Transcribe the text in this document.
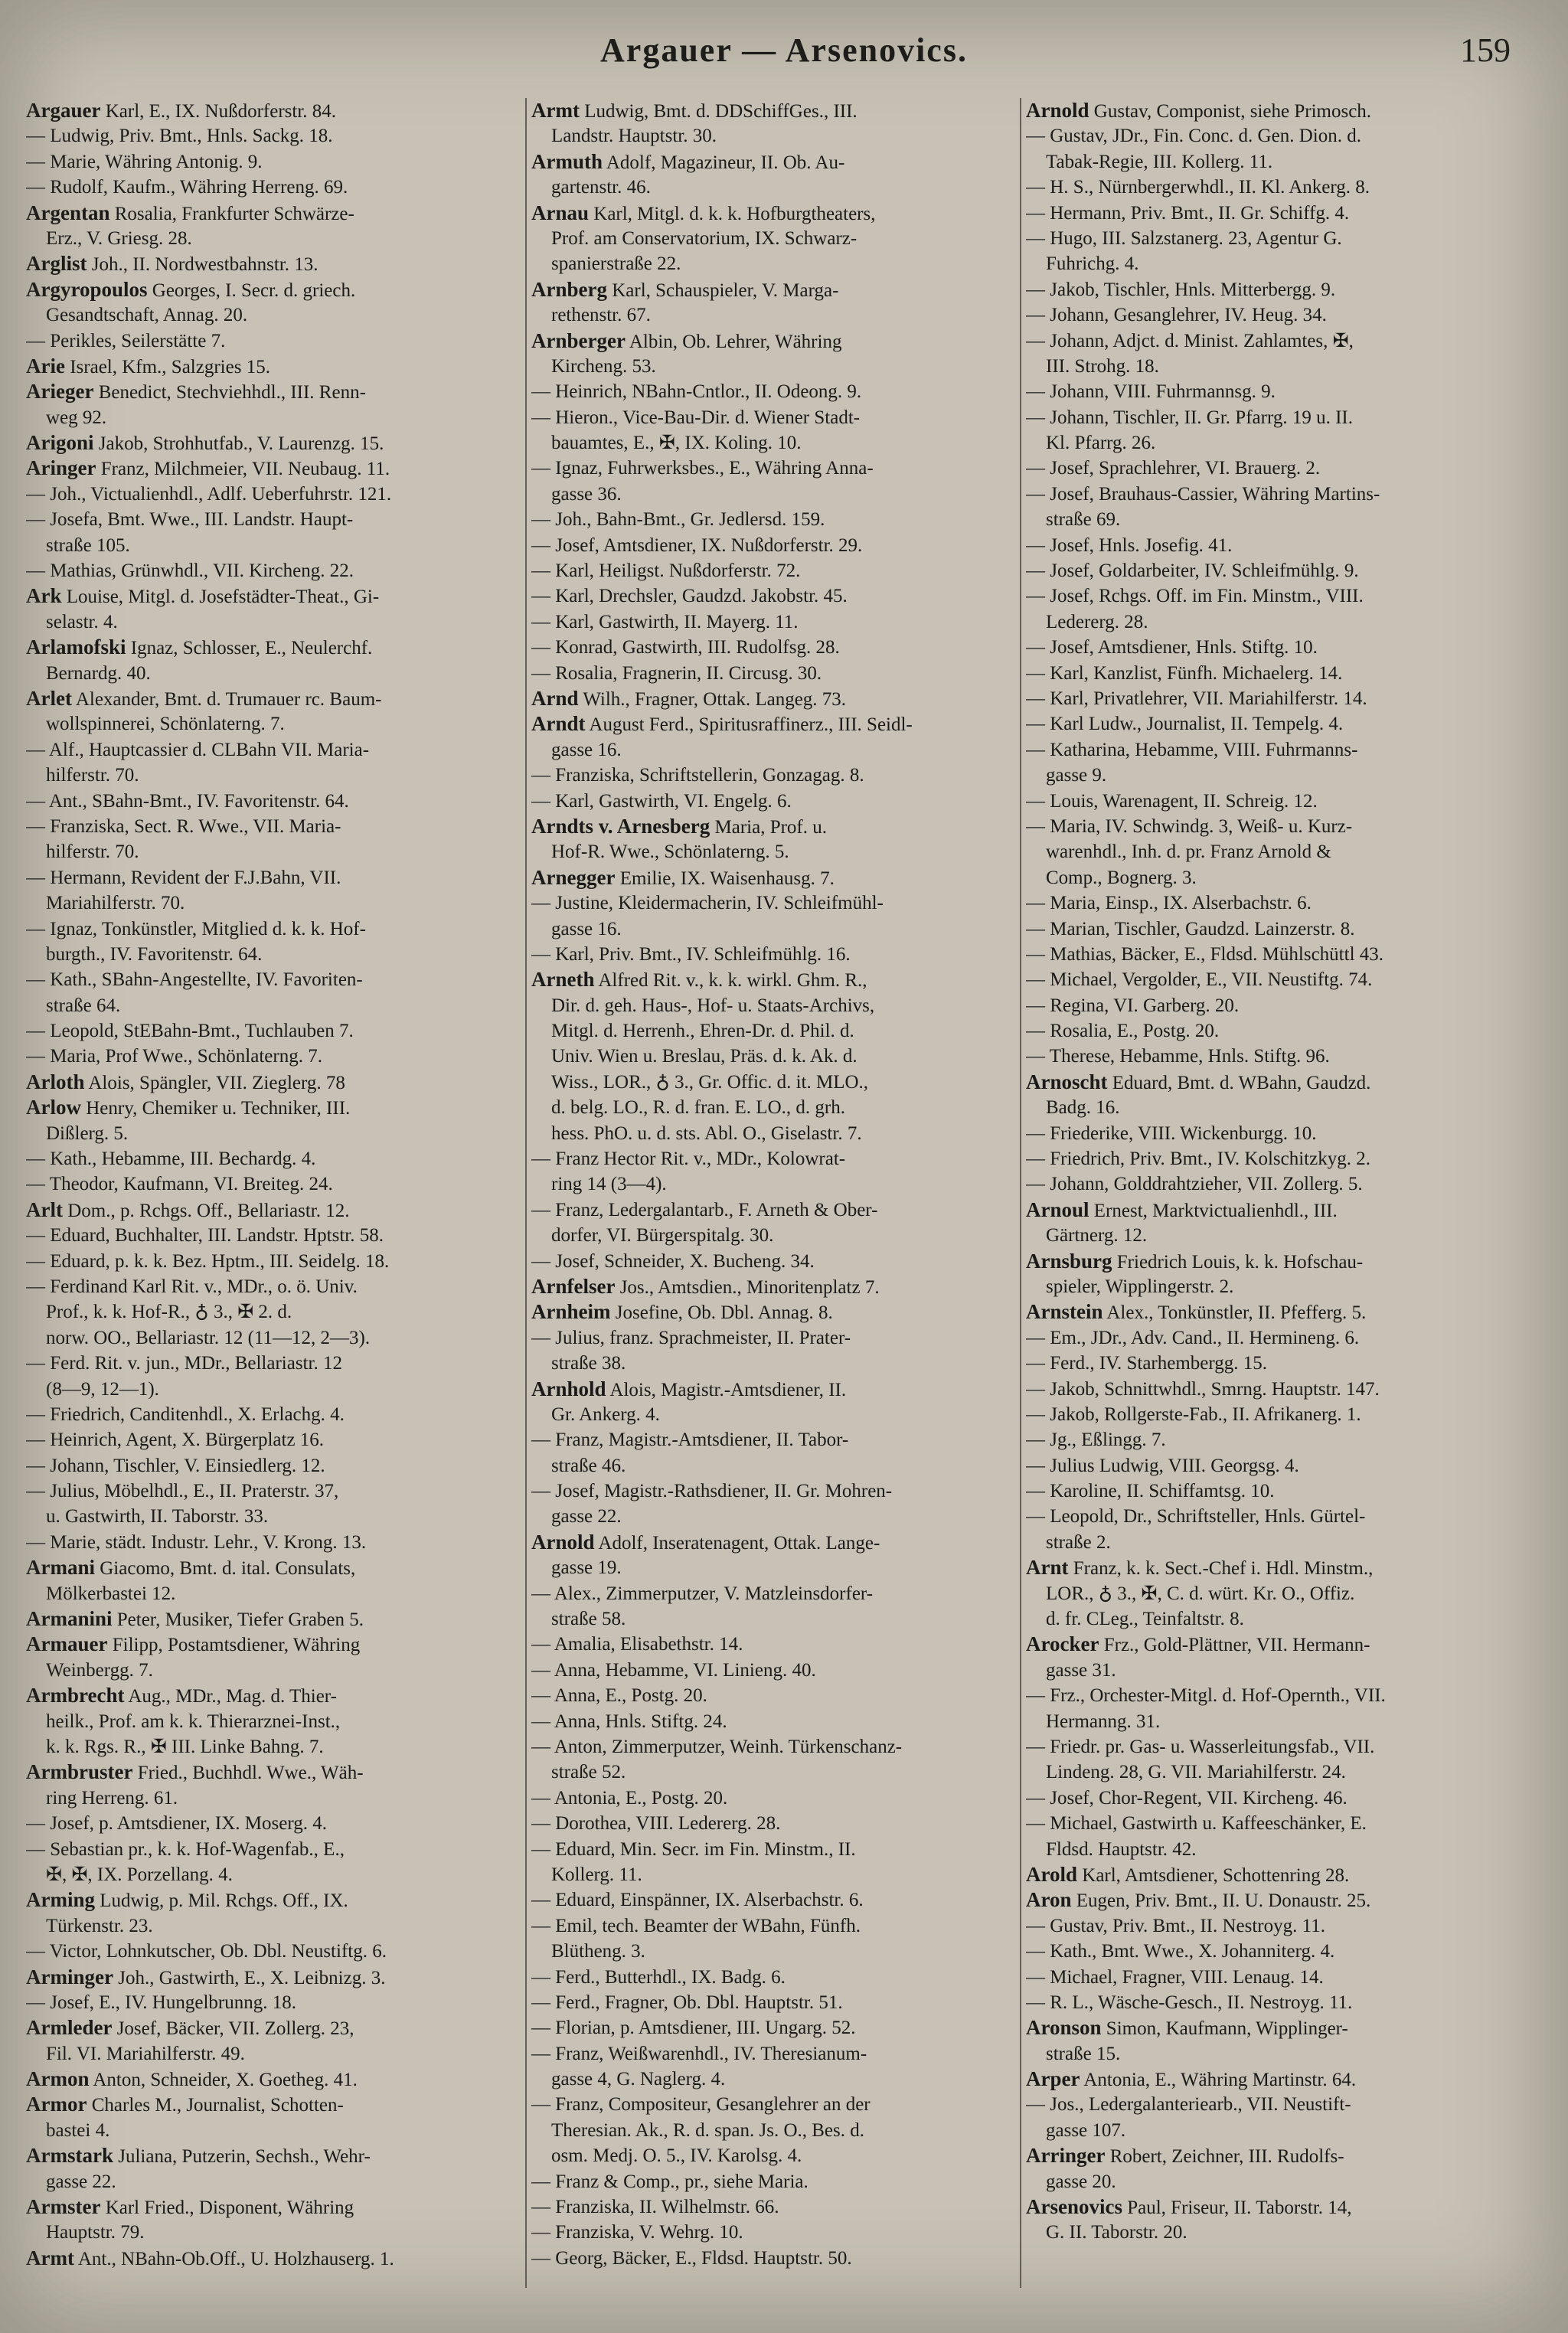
Argauer — Arsenovics.	159
Argauer Karl, E., IX. Nußdorferstr. 84.
— Ludwig, Priv. Bmt., Hnls. Sackg. 18.
— Marie, Währing Antonig. 9.
— Rudolf, Kaufm., Währing Herreng. 69.
Argentan Rosalia, Frankfurter Schwärze-
Erz., V. Griesg. 28.
Arglist Joh., II. Nordwestbahnstr. 13.
Argyropoulos Georges, I. Secr. d. griech.
Gesandtschaft, Annag. 20.
— Perikles, Seilerstätte 7.
Arie Israel, Kfm., Salzgries 15.
Arieger Benedict, Stechviehhdl., III. Renn-
weg 92.
Arigoni Jakob, Strohhutfab., V. Laurenzg. 15.
Aringer Franz, Milchmeier, VII. Neubaug. 11.
— Joh., Victualienhdl., Adlf. Ueberfuhrstr. 121.
— Josefa, Bmt. Wwe., III. Landstr. Haupt-
straße 105.
— Mathias, Grünwhdl., VII. Kircheng. 22.
Ark Louise, Mitgl. d. Josefstädter-Theat., Gi-
selastr. 4.
Arlamofski Ignaz, Schlosser, E., Neulerchf.
Bernardg. 40.
Arlet Alexander, Bmt. d. Trumauer rc. Baum-
wollspinnerei, Schönlaterng. 7.
— Alf., Hauptcassier d. CLBahn VII. Maria-
hilferstr. 70.
— Ant., SBahn-Bmt., IV. Favoritenstr. 64.
— Franziska, Sect. R. Wwe., VII. Maria-
hilferstr. 70.
— Hermann, Revident der F.J.Bahn, VII.
Mariahilferstr. 70.
— Ignaz, Tonkünstler, Mitglied d. k. k. Hof-
burgth., IV. Favoritenstr. 64.
— Kath., SBahn-Angestellte, IV. Favoriten-
straße 64.
— Leopold, StEBahn-Bmt., Tuchlauben 7.
— Maria, Prof Wwe., Schönlaterng. 7.
Arloth Alois, Spängler, VII. Zieglerg. 78
Arlow Henry, Chemiker u. Techniker, III.
Dißlerg. 5.
— Kath., Hebamme, III. Bechardg. 4.
— Theodor, Kaufmann, VI. Breiteg. 24.
Arlt Dom., p. Rchgs. Off., Bellariastr. 12.
— Eduard, Buchhalter, III. Landstr. Hptstr. 58.
— Eduard, p. k. k. Bez. Hptm., III. Seidelg. 18.
— Ferdinand Karl Rit. v., MDr., o. ö. Univ.
Prof., k. k. Hof-R., ♁ 3., ✠ 2. d.
norw. OO., Bellariastr. 12 (11—12, 2—3).
— Ferd. Rit. v. jun., MDr., Bellariastr. 12
(8—9, 12—1).
— Friedrich, Canditenhdl., X. Erlachg. 4.
— Heinrich, Agent, X. Bürgerplatz 16.
— Johann, Tischler, V. Einsiedlerg. 12.
— Julius, Möbelhdl., E., II. Praterstr. 37,
u. Gastwirth, II. Taborstr. 33.
— Marie, städt. Industr. Lehr., V. Krong. 13.
Armani Giacomo, Bmt. d. ital. Consulats,
Mölkerbastei 12.
Armanini Peter, Musiker, Tiefer Graben 5.
Armauer Filipp, Postamtsdiener, Währing
Weinbergg. 7.
Armbrecht Aug., MDr., Mag. d. Thier-
heilk., Prof. am k. k. Thierarznei-Inst.,
k. k. Rgs. R., ✠ III. Linke Bahng. 7.
Armbruster Fried., Buchhdl. Wwe., Wäh-
ring Herreng. 61.
— Josef, p. Amtsdiener, IX. Moserg. 4.
— Sebastian pr., k. k. Hof-Wagenfab., E.,
✠, ✠, IX. Porzellang. 4.
Arming Ludwig, p. Mil. Rchgs. Off., IX.
Türkenstr. 23.
— Victor, Lohnkutscher, Ob. Dbl. Neustiftg. 6.
Arminger Joh., Gastwirth, E., X. Leibnizg. 3.
— Josef, E., IV. Hungelbrunng. 18.
Armleder Josef, Bäcker, VII. Zollerg. 23,
Fil. VI. Mariahilferstr. 49.
Armon Anton, Schneider, X. Goetheg. 41.
Armor Charles M., Journalist, Schotten-
bastei 4.
Armstark Juliana, Putzerin, Sechsh., Wehr-
gasse 22.
Armster Karl Fried., Disponent, Währing
Hauptstr. 79.
Armt Ant., NBahn-Ob.Off., U. Holzhauserg. 1.
Armt Ludwig, Bmt. d. DDSchiffGes., III.
Landstr. Hauptstr. 30.
Armuth Adolf, Magazineur, II. Ob. Au-
gartenstr. 46.
Arnau Karl, Mitgl. d. k. k. Hofburgtheaters,
Prof. am Conservatorium, IX. Schwarz-
spanierstraße 22.
Arnberg Karl, Schauspieler, V. Marga-
rethenstr. 67.
Arnberger Albin, Ob. Lehrer, Währing
Kircheng. 53.
— Heinrich, NBahn-Cntlor., II. Odeong. 9.
— Hieron., Vice-Bau-Dir. d. Wiener Stadt-
bauamtes, E., ✠, IX. Koling. 10.
— Ignaz, Fuhrwerksbes., E., Währing Anna-
gasse 36.
— Joh., Bahn-Bmt., Gr. Jedlersd. 159.
— Josef, Amtsdiener, IX. Nußdorferstr. 29.
— Karl, Heiligst. Nußdorferstr. 72.
— Karl, Drechsler, Gaudzd. Jakobstr. 45.
— Karl, Gastwirth, II. Mayerg. 11.
— Konrad, Gastwirth, III. Rudolfsg. 28.
— Rosalia, Fragnerin, II. Circusg. 30.
Arnd Wilh., Fragner, Ottak. Langeg. 73.
Arndt August Ferd., Spiritusraffinerz., III. Seidl-
gasse 16.
— Franziska, Schriftstellerin, Gonzagag. 8.
— Karl, Gastwirth, VI. Engelg. 6.
Arndts v. Arnesberg Maria, Prof. u.
Hof-R. Wwe., Schönlaterng. 5.
Arnegger Emilie, IX. Waisenhausg. 7.
— Justine, Kleidermacherin, IV. Schleifmühl-
gasse 16.
— Karl, Priv. Bmt., IV. Schleifmühlg. 16.
Arneth Alfred Rit. v., k. k. wirkl. Ghm. R.,
Dir. d. geh. Haus-, Hof- u. Staats-Archivs,
Mitgl. d. Herrenh., Ehren-Dr. d. Phil. d.
Univ. Wien u. Breslau, Präs. d. k. Ak. d.
Wiss., LOR., ♁ 3., Gr. Offic. d. it. MLO.,
d. belg. LO., R. d. fran. E. LO., d. grh.
hess. PhO. u. d. sts. Abl. O., Giselastr. 7.
— Franz Hector Rit. v., MDr., Kolowrat-
ring 14 (3—4).
— Franz, Ledergalantarb., F. Arneth & Ober-
dorfer, VI. Bürgerspitalg. 30.
— Josef, Schneider, X. Bucheng. 34.
Arnfelser Jos., Amtsdien., Minoritenplatz 7.
Arnheim Josefine, Ob. Dbl. Annag. 8.
— Julius, franz. Sprachmeister, II. Prater-
straße 38.
Arnhold Alois, Magistr.-Amtsdiener, II.
Gr. Ankerg. 4.
— Franz, Magistr.-Amtsdiener, II. Tabor-
straße 46.
— Josef, Magistr.-Rathsdiener, II. Gr. Mohren-
gasse 22.
Arnold Adolf, Inseratenagent, Ottak. Lange-
gasse 19.
— Alex., Zimmerputzer, V. Matzleinsdorfer-
straße 58.
— Amalia, Elisabethstr. 14.
— Anna, Hebamme, VI. Linieng. 40.
— Anna, E., Postg. 20.
— Anna, Hnls. Stiftg. 24.
— Anton, Zimmerputzer, Weinh. Türkenschanz-
straße 52.
— Antonia, E., Postg. 20.
— Dorothea, VIII. Ledererg. 28.
— Eduard, Min. Secr. im Fin. Minstm., II.
Kollerg. 11.
— Eduard, Einspänner, IX. Alserbachstr. 6.
— Emil, tech. Beamter der WBahn, Fünfh.
Blütheng. 3.
— Ferd., Butterhdl., IX. Badg. 6.
— Ferd., Fragner, Ob. Dbl. Hauptstr. 51.
— Florian, p. Amtsdiener, III. Ungarg. 52.
— Franz, Weißwarenhdl., IV. Theresianum-
gasse 4, G. Naglerg. 4.
— Franz, Compositeur, Gesanglehrer an der
Theresian. Ak., R. d. span. Js. O., Bes. d.
osm. Medj. O. 5., IV. Karolsg. 4.
— Franz & Comp., pr., siehe Maria.
— Franziska, II. Wilhelmstr. 66.
— Franziska, V. Wehrg. 10.
— Georg, Bäcker, E., Fldsd. Hauptstr. 50.
Arnold Gustav, Componist, siehe Primosch.
— Gustav, JDr., Fin. Conc. d. Gen. Dion. d.
Tabak-Regie, III. Kollerg. 11.
— H. S., Nürnbergerwhdl., II. Kl. Ankerg. 8.
— Hermann, Priv. Bmt., II. Gr. Schiffg. 4.
— Hugo, III. Salzstanerg. 23, Agentur G.
Fuhrichg. 4.
— Jakob, Tischler, Hnls. Mitterbergg. 9.
— Johann, Gesanglehrer, IV. Heug. 34.
— Johann, Adjct. d. Minist. Zahlamtes, ✠,
III. Strohg. 18.
— Johann, VIII. Fuhrmannsg. 9.
— Johann, Tischler, II. Gr. Pfarrg. 19 u. II.
Kl. Pfarrg. 26.
— Josef, Sprachlehrer, VI. Brauerg. 2.
— Josef, Brauhaus-Cassier, Währing Martins-
straße 69.
— Josef, Hnls. Josefig. 41.
— Josef, Goldarbeiter, IV. Schleifmühlg. 9.
— Josef, Rchgs. Off. im Fin. Minstm., VIII.
Ledererg. 28.
— Josef, Amtsdiener, Hnls. Stiftg. 10.
— Karl, Kanzlist, Fünfh. Michaelerg. 14.
— Karl, Privatlehrer, VII. Mariahilferstr. 14.
— Karl Ludw., Journalist, II. Tempelg. 4.
— Katharina, Hebamme, VIII. Fuhrmanns-
gasse 9.
— Louis, Warenagent, II. Schreig. 12.
— Maria, IV. Schwindg. 3, Weiß- u. Kurz-
warenhdl., Inh. d. pr. Franz Arnold &
Comp., Bognerg. 3.
— Maria, Einsp., IX. Alserbachstr. 6.
— Marian, Tischler, Gaudzd. Lainzerstr. 8.
— Mathias, Bäcker, E., Fldsd. Mühlschüttl 43.
— Michael, Vergolder, E., VII. Neustiftg. 74.
— Regina, VI. Garberg. 20.
— Rosalia, E., Postg. 20.
— Therese, Hebamme, Hnls. Stiftg. 96.
Arnoscht Eduard, Bmt. d. WBahn, Gaudzd.
Badg. 16.
— Friederike, VIII. Wickenburgg. 10.
— Friedrich, Priv. Bmt., IV. Kolschitzkyg. 2.
— Johann, Golddrahtzieher, VII. Zollerg. 5.
Arnoul Ernest, Marktvictualienhdl., III.
Gärtnerg. 12.
Arnsburg Friedrich Louis, k. k. Hofschau-
spieler, Wipplingerstr. 2.
Arnstein Alex., Tonkünstler, II. Pfefferg. 5.
— Em., JDr., Adv. Cand., II. Hermineng. 6.
— Ferd., IV. Starhembergg. 15.
— Jakob, Schnittwhdl., Smrng. Hauptstr. 147.
— Jakob, Rollgerste-Fab., II. Afrikanerg. 1.
— Jg., Eßlingg. 7.
— Julius Ludwig, VIII. Georgsg. 4.
— Karoline, II. Schiffamtsg. 10.
— Leopold, Dr., Schriftsteller, Hnls. Gürtel-
straße 2.
Arnt Franz, k. k. Sect.-Chef i. Hdl. Minstm.,
LOR., ♁ 3., ✠, C. d. würt. Kr. O., Offiz.
d. fr. CLeg., Teinfaltstr. 8.
Arocker Frz., Gold-Plättner, VII. Hermann-
gasse 31.
— Frz., Orchester-Mitgl. d. Hof-Opernth., VII.
Hermanng. 31.
— Friedr. pr. Gas- u. Wasserleitungsfab., VII.
Lindeng. 28, G. VII. Mariahilferstr. 24.
— Josef, Chor-Regent, VII. Kircheng. 46.
— Michael, Gastwirth u. Kaffeeschänker, E.
Fldsd. Hauptstr. 42.
Arold Karl, Amtsdiener, Schottenring 28.
Aron Eugen, Priv. Bmt., II. U. Donaustr. 25.
— Gustav, Priv. Bmt., II. Nestroyg. 11.
— Kath., Bmt. Wwe., X. Johanniterg. 4.
— Michael, Fragner, VIII. Lenaug. 14.
— R. L., Wäsche-Gesch., II. Nestroyg. 11.
Aronson Simon, Kaufmann, Wipplinger-
straße 15.
Arper Antonia, E., Währing Martinstr. 64.
— Jos., Ledergalanteriearb., VII. Neustift-
gasse 107.
Arringer Robert, Zeichner, III. Rudolfs-
gasse 20.
Arsenovics Paul, Friseur, II. Taborstr. 14,
G. II. Taborstr. 20.
